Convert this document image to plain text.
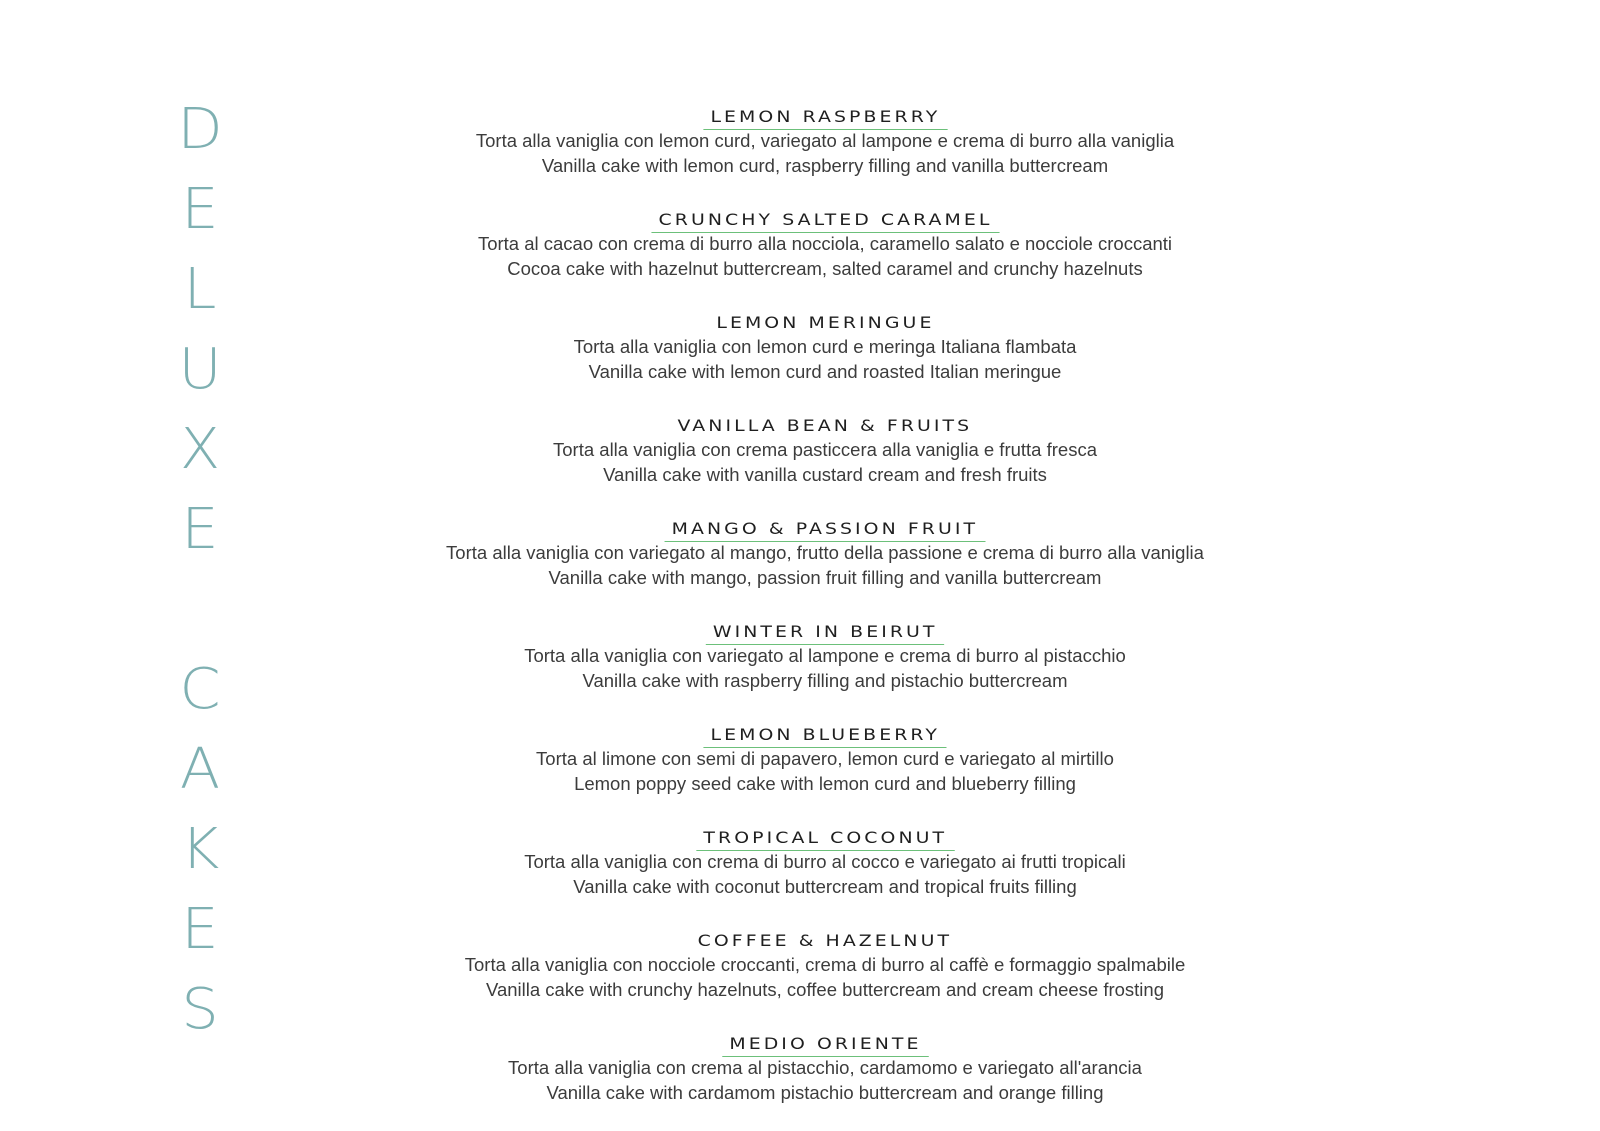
D
E
L
U
X
E
C
A
K
E
S
LEMON RASPBERRY
Torta alla vaniglia con lemon curd, variegato al lampone e crema di burro alla vaniglia
Vanilla cake with lemon curd, raspberry filling and vanilla buttercream
CRUNCHY SALTED CARAMEL
Torta al cacao con crema di burro alla nocciola, caramello salato e nocciole croccanti
Cocoa cake with hazelnut buttercream, salted caramel and crunchy hazelnuts
LEMON MERINGUE
Torta alla vaniglia con lemon curd e meringa Italiana flambata
Vanilla cake with lemon curd and roasted Italian meringue
VANILLA BEAN & FRUITS
Torta alla vaniglia con crema pasticcera alla vaniglia e frutta fresca
Vanilla cake with vanilla custard cream and fresh fruits
MANGO & PASSION FRUIT
Torta alla vaniglia con variegato al mango, frutto della passione e crema di burro alla vaniglia
Vanilla cake with mango, passion fruit filling and vanilla buttercream
WINTER IN BEIRUT
Torta alla vaniglia con variegato al lampone e crema di burro al pistacchio
Vanilla cake with raspberry filling and pistachio buttercream
LEMON BLUEBERRY
Torta al limone con semi di papavero, lemon curd e variegato al mirtillo
Lemon poppy seed cake with lemon curd and blueberry filling
TROPICAL COCONUT
Torta alla vaniglia con crema di burro al cocco e variegato ai frutti tropicali
Vanilla cake with coconut buttercream and tropical fruits filling
COFFEE & HAZELNUT
Torta alla vaniglia con nocciole croccanti, crema di burro al caffè e formaggio spalmabile
Vanilla cake with crunchy hazelnuts, coffee buttercream and cream cheese frosting
MEDIO ORIENTE
Torta alla vaniglia con crema al pistacchio, cardamomo e variegato all'arancia
Vanilla cake with cardamom pistachio buttercream and orange filling
